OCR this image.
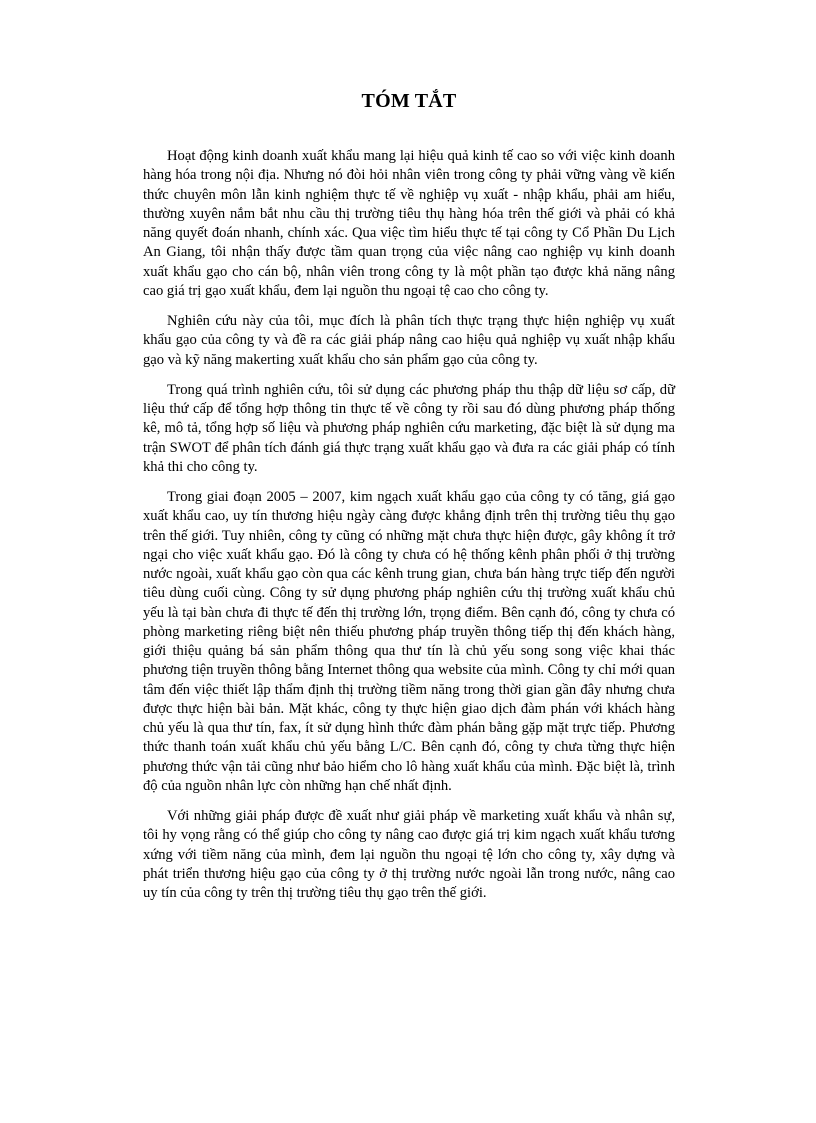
TÓM TẮT

Hoạt động kinh doanh xuất khẩu mang lại hiệu quả kinh tế cao so với việc kinh doanh hàng hóa trong nội địa. Nhưng nó đòi hỏi nhân viên trong công ty phải vững vàng về kiến thức chuyên môn lẫn kinh nghiệm thực tế về nghiệp vụ xuất - nhập khẩu, phải am hiểu, thường xuyên nắm bắt nhu cầu thị trường tiêu thụ hàng hóa trên thế giới và phải có khả năng quyết đoán nhanh, chính xác. Qua việc tìm hiểu thực tế tại công ty Cổ Phần Du Lịch An Giang, tôi nhận thấy được tầm quan trọng của việc nâng cao nghiệp vụ kinh doanh xuất khẩu gạo cho cán bộ, nhân viên trong công ty là một phần tạo được khả năng nâng cao giá trị gạo xuất khẩu, đem lại nguồn thu ngoại tệ cao cho công ty.

Nghiên cứu này của tôi, mục đích là phân tích thực trạng thực hiện nghiệp vụ xuất khẩu gạo của công ty và đề ra các giải pháp nâng cao hiệu quả nghiệp vụ xuất nhập khẩu gạo và kỹ năng makerting xuất khẩu cho sản phẩm gạo của công ty.

Trong quá trình nghiên cứu, tôi sử dụng các phương pháp thu thập dữ liệu sơ cấp, dữ liệu thứ cấp để tổng hợp thông tin thực tế về công ty rồi sau đó dùng phương pháp thống kê, mô tả, tổng hợp số liệu và phương pháp nghiên cứu marketing, đặc biệt là sử dụng ma trận SWOT để phân tích đánh giá thực trạng xuất khẩu gạo và đưa ra các giải pháp có tính khả thi cho công ty.

Trong giai đoạn 2005 – 2007, kim ngạch xuất khẩu gạo của công ty có tăng, giá gạo xuất khẩu cao, uy tín thương hiệu ngày càng được khẳng định trên thị trường tiêu thụ gạo trên thế giới. Tuy nhiên, công ty cũng có những mặt chưa thực hiện được, gây không ít trở ngại cho việc xuất khẩu gạo. Đó là công ty chưa có hệ thống kênh phân phối ở thị trường nước ngoài, xuất khẩu gạo còn qua các kênh trung gian, chưa bán hàng trực tiếp đến người tiêu dùng cuối cùng. Công ty sử dụng phương pháp nghiên cứu thị trường xuất khẩu chủ yếu là tại bàn chưa đi thực tế đến thị trường lớn, trọng điểm. Bên cạnh đó, công ty chưa có phòng marketing riêng biệt nên thiếu phương pháp truyền thông tiếp thị đến khách hàng, giới thiệu quảng bá sản phẩm thông qua thư tín là chủ yếu song song việc khai thác phương tiện truyền thông bằng Internet thông qua website của mình. Công ty chỉ mới quan tâm đến việc thiết lập thẩm định thị trường tiềm năng trong thời gian gần đây nhưng chưa được thực hiện bài bản. Mặt khác, công ty thực hiện giao dịch đàm phán với khách hàng chủ yếu là qua thư tín, fax, ít sử dụng hình thức đàm phán bằng gặp mặt trực tiếp. Phương thức thanh toán xuất khẩu chủ yếu bằng L/C. Bên cạnh đó, công ty chưa từng thực hiện phương thức vận tải cũng như bảo hiểm cho lô hàng xuất khẩu của mình. Đặc biệt là, trình độ của nguồn nhân lực còn những hạn chế nhất định.

Với những giải pháp được đề xuất như giải pháp về marketing xuất khẩu và nhân sự, tôi hy vọng rằng có thể giúp cho công ty nâng cao được giá trị kim ngạch xuất khẩu tương xứng với tiềm năng của mình, đem lại nguồn thu ngoại tệ lớn cho công ty, xây dựng và phát triển thương hiệu gạo của công ty ở thị trường nước ngoài lẫn trong nước, nâng cao uy tín của công ty trên thị trường tiêu thụ gạo trên thế giới.
